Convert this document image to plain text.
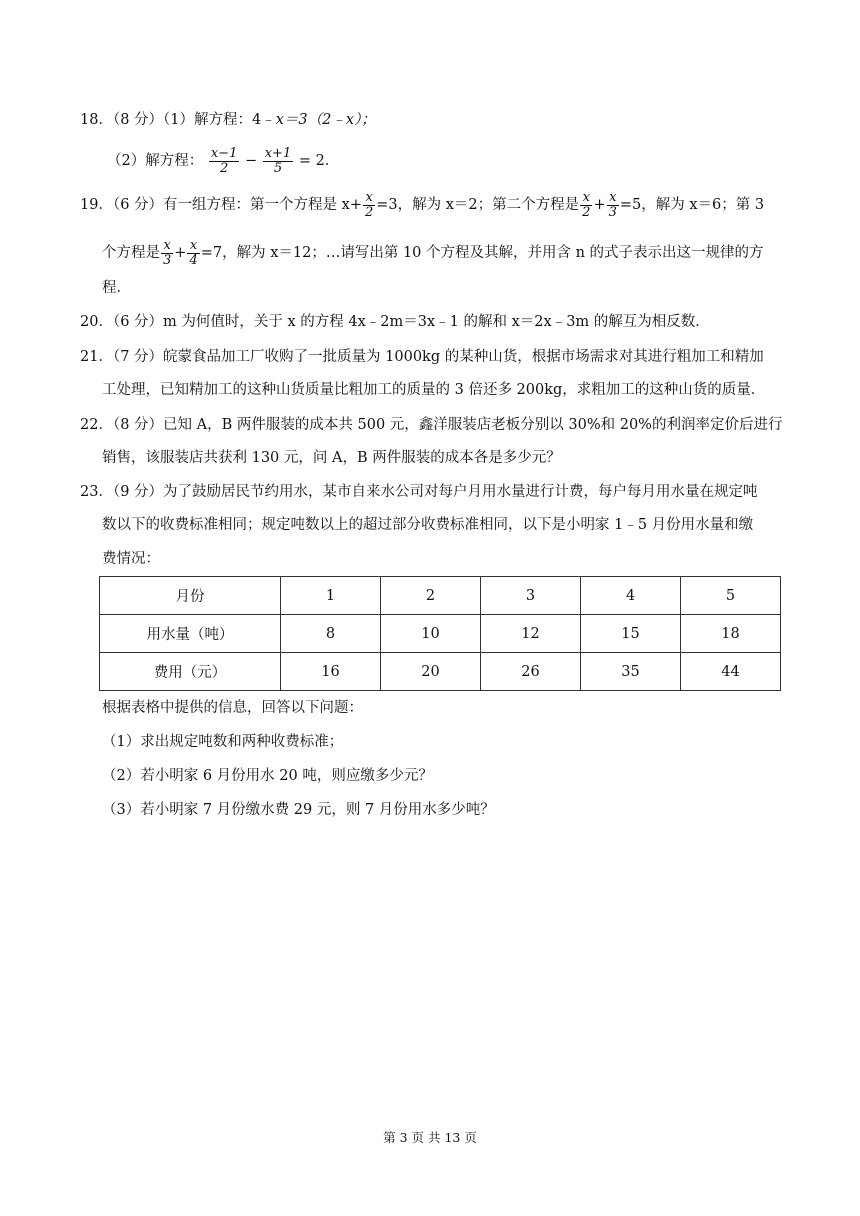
18．（8 分）（1）解方程：4﹣x＝3（2﹣x）；
（2）解方程： $\frac{x-1}{2} - \frac{x+1}{5} = 2$．
19．（6 分）有一组方程：第一个方程是 $x+ \frac{x}{2} =3$，解为 x＝2；第二个方程是 $\frac{x}{2} + \frac{x}{3} =5$，解为 x＝6；第 3
个方程是 $\frac{x}{3} + \frac{x}{4} =7$，解为 x＝12；…请写出第 10 个方程及其解，并用含 n 的式子表示出这一规律的方
程．
20．（6 分）m 为何值时，关于 x 的方程 4x﹣2m＝3x﹣1 的解和 x＝2x﹣3m 的解互为相反数．
21．（7 分）皖蒙食品加工厂收购了一批质量为 1000kg 的某种山货，根据市场需求对其进行粗加工和精加
工处理，已知精加工的这种山货质量比粗加工的质量的 3 倍还多 200kg，求粗加工的这种山货的质量．
22．（8 分）已知 A，B 两件服装的成本共 500 元，鑫洋服装店老板分别以 30%和 20%的利润率定价后进行
销售，该服装店共获利 130 元，问 A，B 两件服装的成本各是多少元？
23．（9 分）为了鼓励居民节约用水，某市自来水公司对每户月用水量进行计费，每户每月用水量在规定吨
数以下的收费标准相同；规定吨数以上的超过部分收费标准相同，以下是小明家 1﹣5 月份用水量和缴
费情况：
月份	1	2	3	4	5
用水量（吨）	8	10	12	15	18
费用（元）	16	20	26	35	44
根据表格中提供的信息，回答以下问题：
（1）求出规定吨数和两种收费标准；
（2）若小明家 6 月份用水 20 吨，则应缴多少元？
（3）若小明家 7 月份缴水费 29 元，则 7 月份用水多少吨？
第 3 页 共 13 页
